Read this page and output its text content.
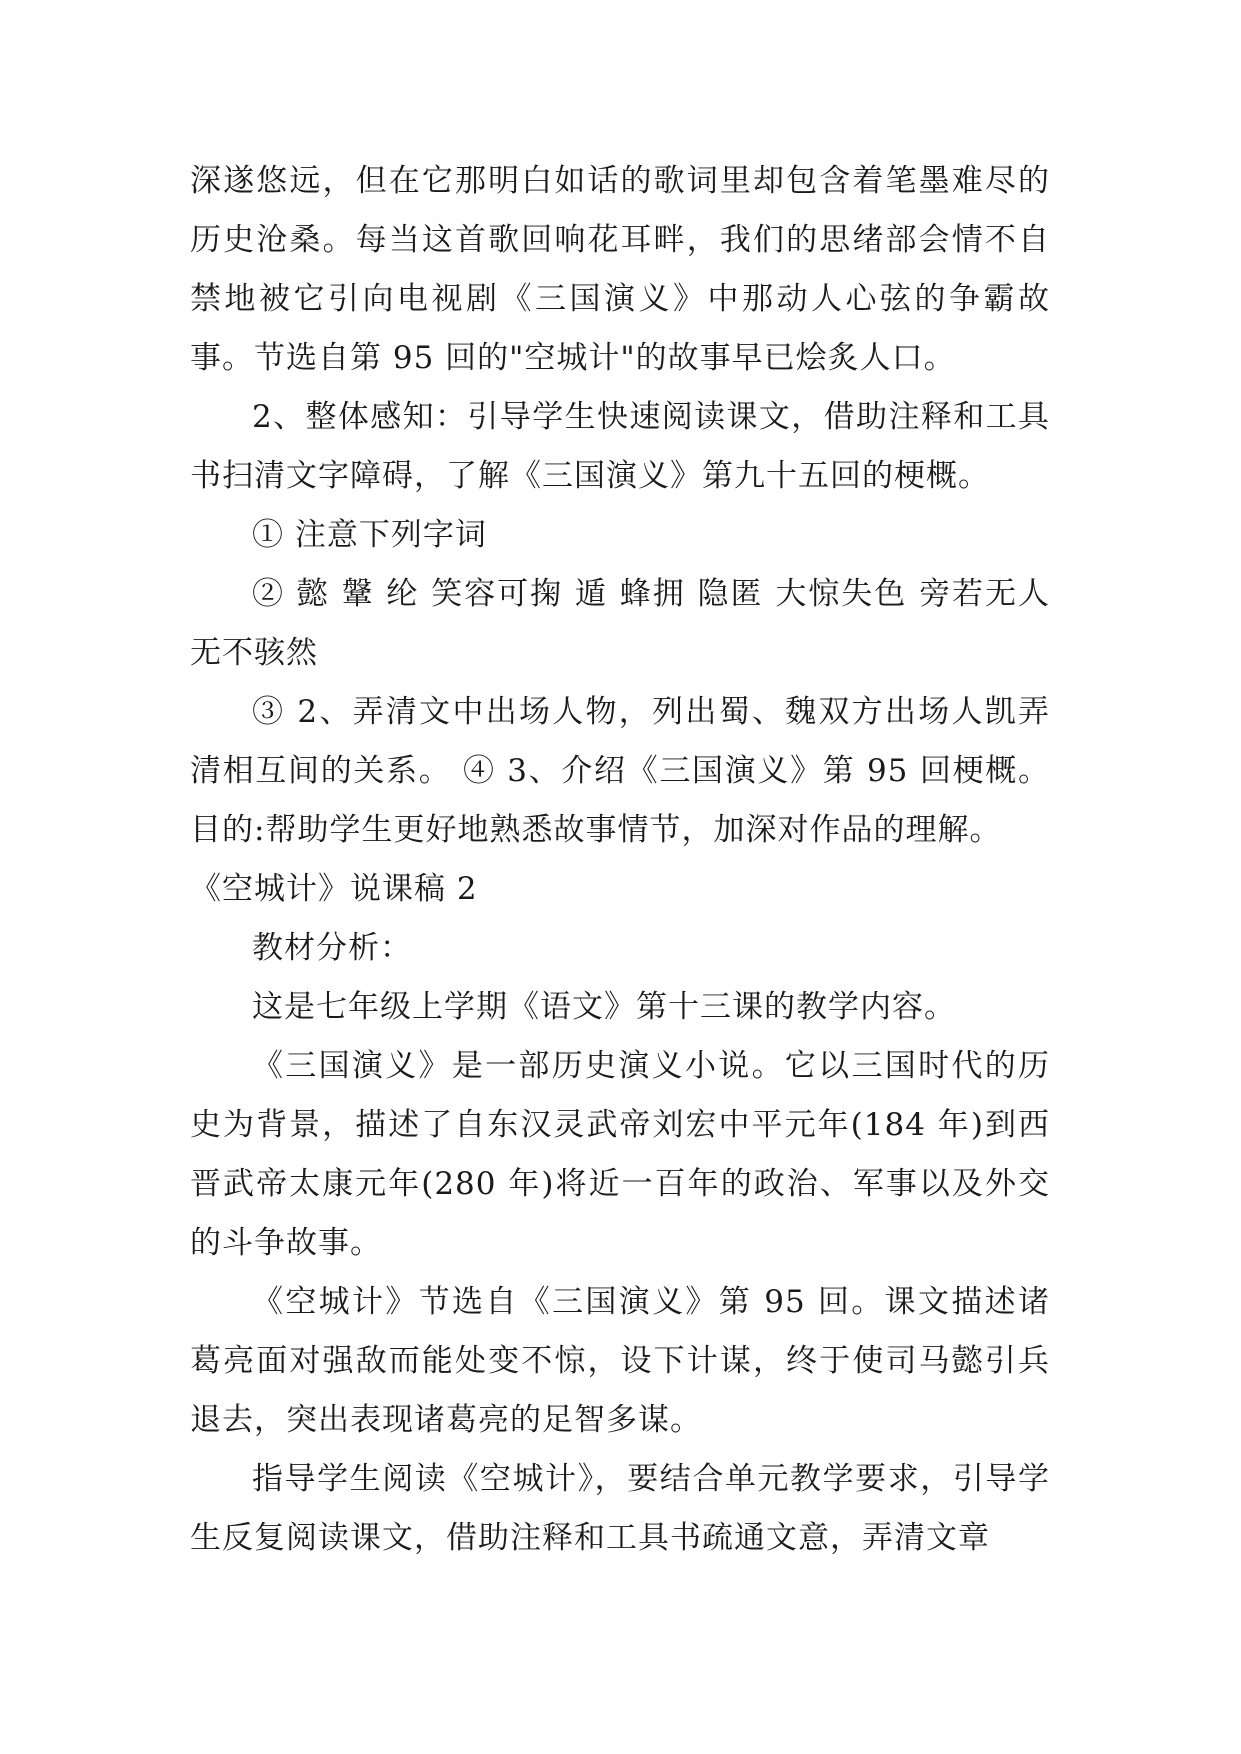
深遂悠远，但在它那明白如话的歌词里却包含着笔墨难尽的历史沧桑。每当这首歌回响花耳畔，我们的思绪部会情不自禁地被它引向电视剧《三国演义》中那动人心弦的争霸故事。节选自第 95 回的"空城计"的故事早已烩炙人口。

2、整体感知：引导学生快速阅读课文，借助注释和工具书扫清文字障碍，了解《三国演义》第九十五回的梗概。

① 注意下列字词

② 懿 鞶 纶 笑容可掬 遁 蜂拥 隐匿 大惊失色 旁若无人 无不骇然

③ 2、弄清文中出场人物，列出蜀、魏双方出场人凯弄清相互间的关系。 ④ 3、介绍《三国演义》第 95 回梗概。目的:帮助学生更好地熟悉故事情节，加深对作品的理解。

《空城计》说课稿 2

教材分析：

这是七年级上学期《语文》第十三课的教学内容。

《三国演义》是一部历史演义小说。它以三国时代的历史为背景，描述了自东汉灵武帝刘宏中平元年(184 年)到西晋武帝太康元年(280 年)将近一百年的政治、军事以及外交的斗争故事。

《空城计》节选自《三国演义》第 95 回。课文描述诸葛亮面对强敌而能处变不惊，设下计谋，终于使司马懿引兵退去，突出表现诸葛亮的足智多谋。

指导学生阅读《空城计》，要结合单元教学要求，引导学生反复阅读课文，借助注释和工具书疏通文意，弄清文章
